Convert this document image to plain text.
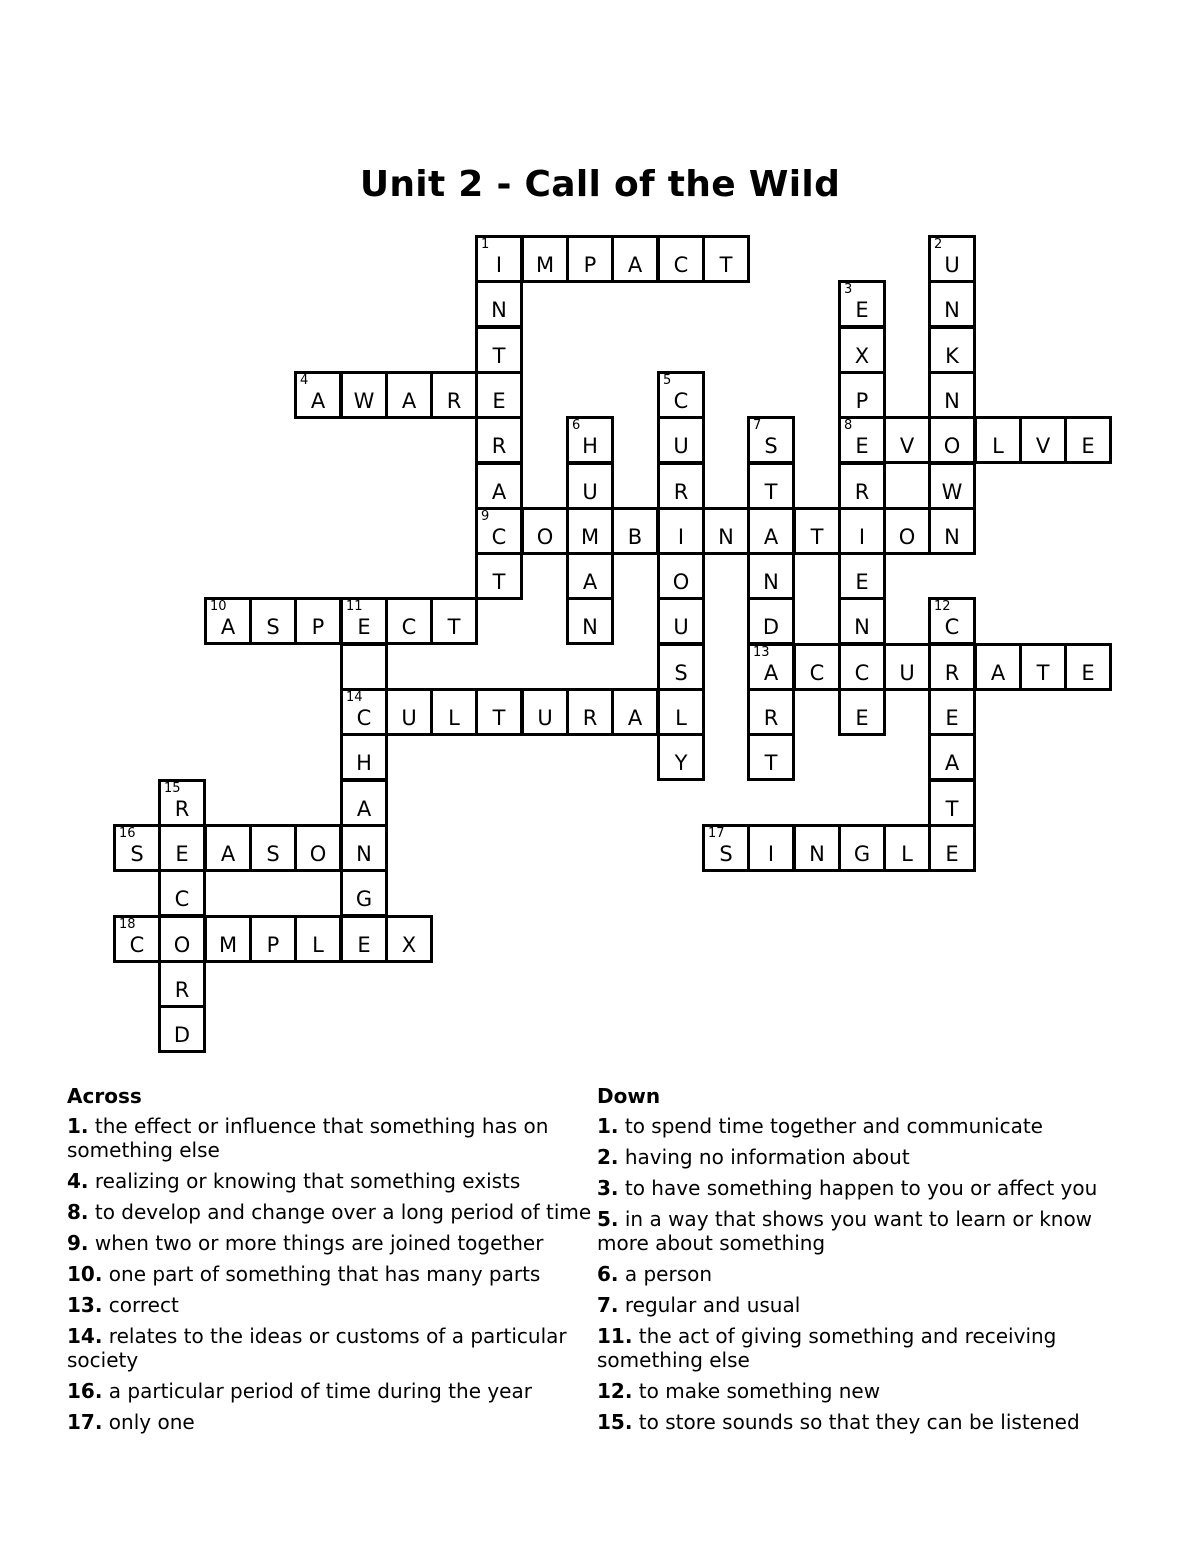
Unit 2 - Call of the Wild
1
I	M	P	A	C	T
2
U
N
3
E	N
T	X	K
4
A	W	A	R	E
5
C	P	N
R
6
H	U
7
S
8
E	V	O	L	V	E
A	U	R	T	R	W
9
C	O	M	B	I	N	A	T	I	O	N
T	A	O	N	E
10
A	S	P
11
E	C	T	N	U	D	N
12
C
S
13
A	C	C	U	R	A	T	E
14
C	U	L	T	U	R	A	L	R	E	E
H	Y	T	A
15
R	A	T
16
S	E	A	S	O	N
17
S	I	N	G	L	E
C	G
18
C	O	M	P	L	E	X
R
D
Across
1. the effect or influence that something has on something else
4. realizing or knowing that something exists
8. to develop and change over a long period of time
9. when two or more things are joined together
10. one part of something that has many parts
13. correct
14. relates to the ideas or customs of a particular society
16. a particular period of time during the year
17. only one
Down
1. to spend time together and communicate
2. having no information about
3. to have something happen to you or affect you
5. in a way that shows you want to learn or know more about something
6. a person
7. regular and usual
11. the act of giving something and receiving something else
12. to make something new
15. to store sounds so that they can be listened
